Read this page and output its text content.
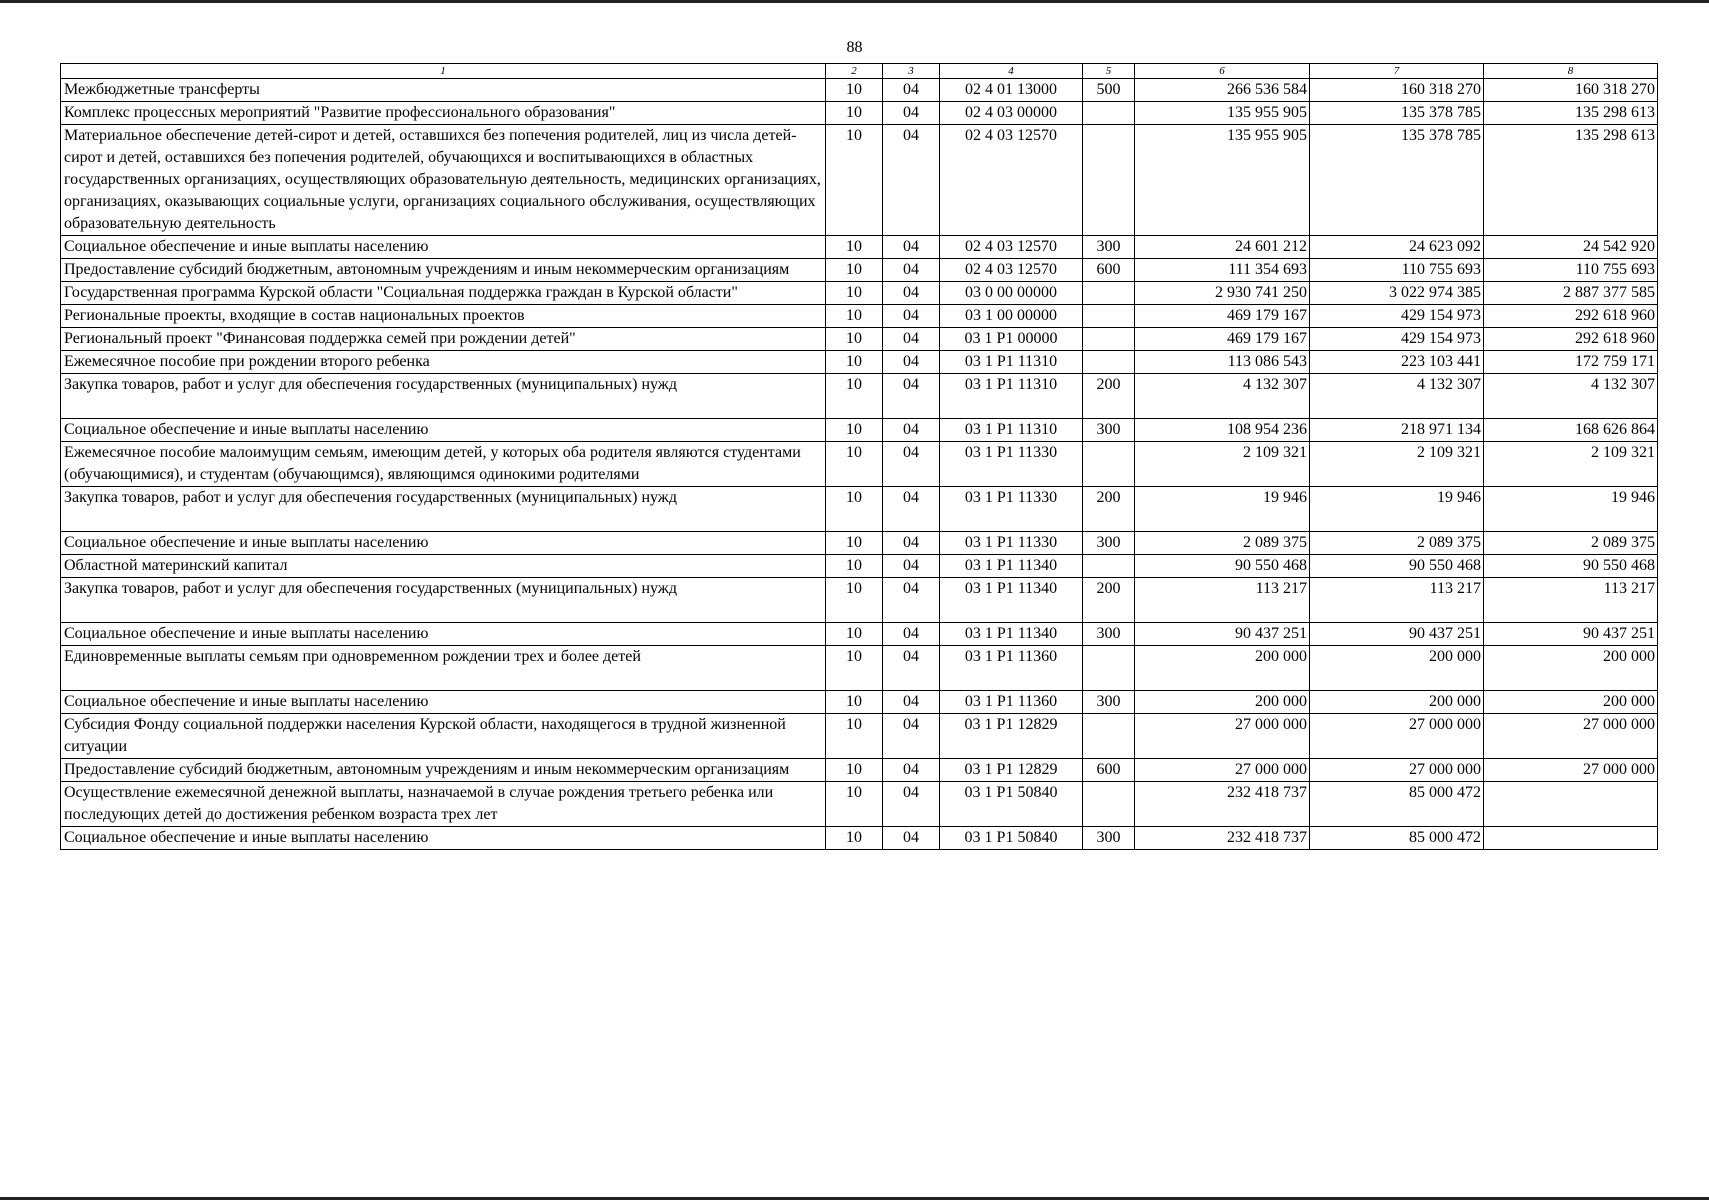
88
1	2	3	4	5	6	7	8
Межбюджетные трансферты	10	04	02 4 01 13000	500	266 536 584	160 318 270	160 318 270
Комплекс процессных мероприятий "Развитие профессионального образования"	10	04	02 4 03 00000		135 955 905	135 378 785	135 298 613
Материальное обеспечение детей-сирот и детей, оставшихся без попечения родителей, лиц из числа детей-сирот и детей, оставшихся без попечения родителей, обучающихся и воспитывающихся в областных государственных организациях, осуществляющих образовательную деятельность, медицинских организациях, организациях, оказывающих социальные услуги, организациях социального обслуживания, осуществляющих образовательную деятельность	10	04	02 4 03 12570		135 955 905	135 378 785	135 298 613
Социальное обеспечение и иные выплаты населению	10	04	02 4 03 12570	300	24 601 212	24 623 092	24 542 920
Предоставление субсидий бюджетным, автономным учреждениям и иным некоммерческим организациям	10	04	02 4 03 12570	600	111 354 693	110 755 693	110 755 693
Государственная программа Курской области "Социальная поддержка граждан в Курской области"	10	04	03 0 00 00000		2 930 741 250	3 022 974 385	2 887 377 585
Региональные проекты, входящие в состав национальных проектов	10	04	03 1 00 00000		469 179 167	429 154 973	292 618 960
Региональный проект "Финансовая поддержка семей при рождении детей"	10	04	03 1 P1 00000		469 179 167	429 154 973	292 618 960
Ежемесячное пособие при рождении второго ребенка	10	04	03 1 P1 11310		113 086 543	223 103 441	172 759 171
Закупка товаров, работ и услуг для обеспечения государственных (муниципальных) нужд	10	04	03 1 P1 11310	200	4 132 307	4 132 307	4 132 307
Социальное обеспечение и иные выплаты населению	10	04	03 1 P1 11310	300	108 954 236	218 971 134	168 626 864
Ежемесячное пособие малоимущим семьям, имеющим детей, у которых оба родителя являются студентами (обучающимися), и студентам (обучающимся), являющимся одинокими родителями	10	04	03 1 P1 11330		2 109 321	2 109 321	2 109 321
Закупка товаров, работ и услуг для обеспечения государственных (муниципальных) нужд	10	04	03 1 P1 11330	200	19 946	19 946	19 946
Социальное обеспечение и иные выплаты населению	10	04	03 1 P1 11330	300	2 089 375	2 089 375	2 089 375
Областной материнский капитал	10	04	03 1 P1 11340		90 550 468	90 550 468	90 550 468
Закупка товаров, работ и услуг для обеспечения государственных (муниципальных) нужд	10	04	03 1 P1 11340	200	113 217	113 217	113 217
Социальное обеспечение и иные выплаты населению	10	04	03 1 P1 11340	300	90 437 251	90 437 251	90 437 251
Единовременные выплаты семьям при одновременном рождении трех и более детей	10	04	03 1 P1 11360		200 000	200 000	200 000
Социальное обеспечение и иные выплаты населению	10	04	03 1 P1 11360	300	200 000	200 000	200 000
Субсидия Фонду социальной поддержки населения Курской области, находящегося в трудной жизненной ситуации	10	04	03 1 P1 12829		27 000 000	27 000 000	27 000 000
Предоставление субсидий бюджетным, автономным учреждениям и иным некоммерческим организациям	10	04	03 1 P1 12829	600	27 000 000	27 000 000	27 000 000
Осуществление ежемесячной денежной выплаты, назначаемой в случае рождения третьего ребенка или последующих детей до достижения ребенком возраста трех лет	10	04	03 1 P1 50840		232 418 737	85 000 472	
Социальное обеспечение и иные выплаты населению	10	04	03 1 P1 50840	300	232 418 737	85 000 472	
